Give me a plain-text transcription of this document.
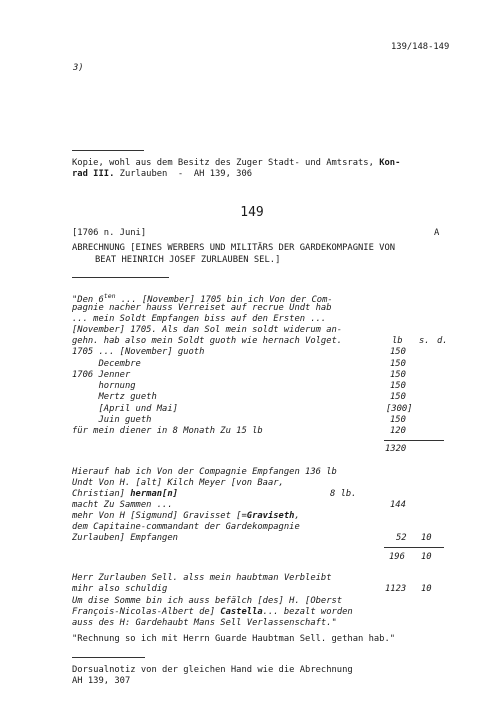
139/148-149
3)
Kopie, wohl aus dem Besitz des Zuger Stadt- und Amtsrats, Kon-
rad III. Zurlauben  -  AH 139, 306
149
[1706 n. Juni]	A
ABRECHNUNG [EINES WERBERS UND MILITÄRS DER GARDEKOMPAGNIE VON
BEAT HEINRICH JOSEF ZURLAUBEN SEL.]
"Den $6^{ten}$ ... [November] 1705 bin ich Von der Com-
pagnie nacher hauss Verreiset auf recrue Undt hab
... mein Soldt Empfangen biss auf den Ersten ...
[November] 1705. Als dan Sol mein soldt widerum an-
gehn. hab also mein Soldt guoth wie hernach Volget.	lb s. d.
1705 ... [November] guoth	150
Decembre	150
1706 Jenner	150
hornung	150
Mertz gueth	150
[April und Mai]	[300]
Juin gueth	150
für mein diener in 8 Monath Zu 15 lb	120
1320
Hierauf hab ich Von der Compagnie Empfangen 136 lb
Undt Von H. [alt] Kilch Meyer [von Baar,
Christian] herman[n]	8 lb.
macht Zu Sammen ...	144
mehr Von H [Sigmund] Gravisset [=Graviseth,
dem Capitaine-commandant der Gardekompagnie
Zurlauben] Empfangen	52 10
196 10
Herr Zurlauben Sell. alss mein haubtman Verbleibt
mihr also schuldig	1123 10
Um dise Somme bin ich auss befälch [des] H. [Oberst
François-Nicolas-Albert de] Castella... bezalt worden
auss des H: Gardehaubt Mans Sell Verlassenschaft."
"Rechnung so ich mit Herrn Guarde Haubtman Sell. gethan hab."
Dorsualnotiz von der gleichen Hand wie die Abrechnung
AH 139, 307
